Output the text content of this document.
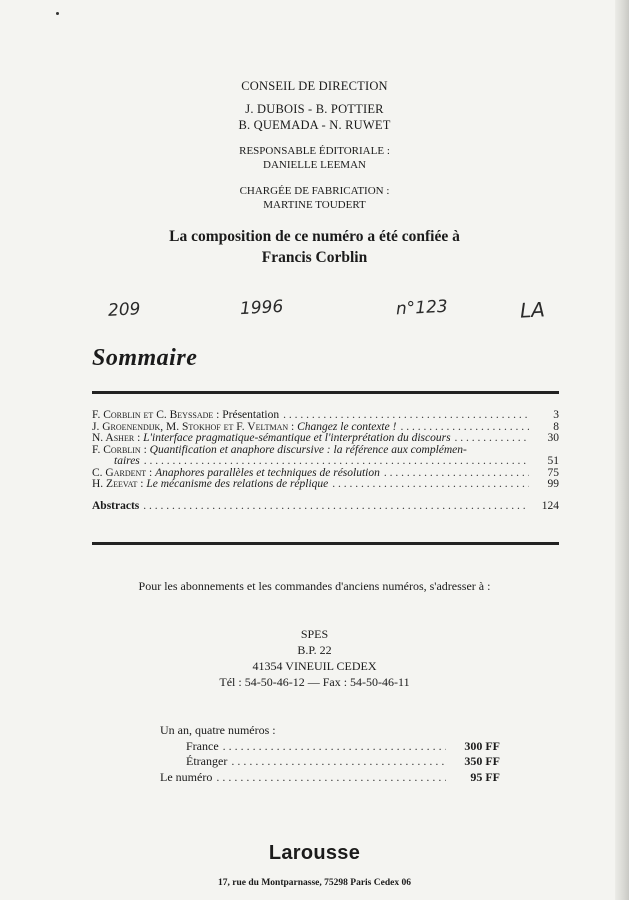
CONSEIL DE DIRECTION
J. DUBOIS - B. POTTIER
B. QUEMADA - N. RUWET
RESPONSABLE ÉDITORIALE :
DANIELLE LEEMAN
CHARGÉE DE FABRICATION :
MARTINE TOUDERT
La composition de ce numéro a été confiée à
Francis Corblin
209	1996	n°123	LA
Sommaire
F. Corblin et C. Beyssade : Présentation . . .	3
J. Groenendijk, M. Stokhof et F. Veltman : Changez le contexte ! . . .	8
N. Asher : L'interface pragmatique-sémantique et l'interprétation du discours . . .	30
F. Corblin : Quantification et anaphore discursive : la référence aux complémen-
taires . . .	51
C. Gardent : Anaphores parallèles et techniques de résolution . . .	75
H. Zeevat : Le mécanisme des relations de réplique . . .	99
Abstracts . . .	124
Pour les abonnements et les commandes d'anciens numéros, s'adresser à :
SPES
B.P. 22
41354 VINEUIL CEDEX
Tél : 54-50-46-12 — Fax : 54-50-46-11
Un an, quatre numéros :
France . . .	300 FF
Étranger . . .	350 FF
Le numéro . . .	95 FF
Larousse
17, rue du Montparnasse, 75298 Paris Cedex 06
